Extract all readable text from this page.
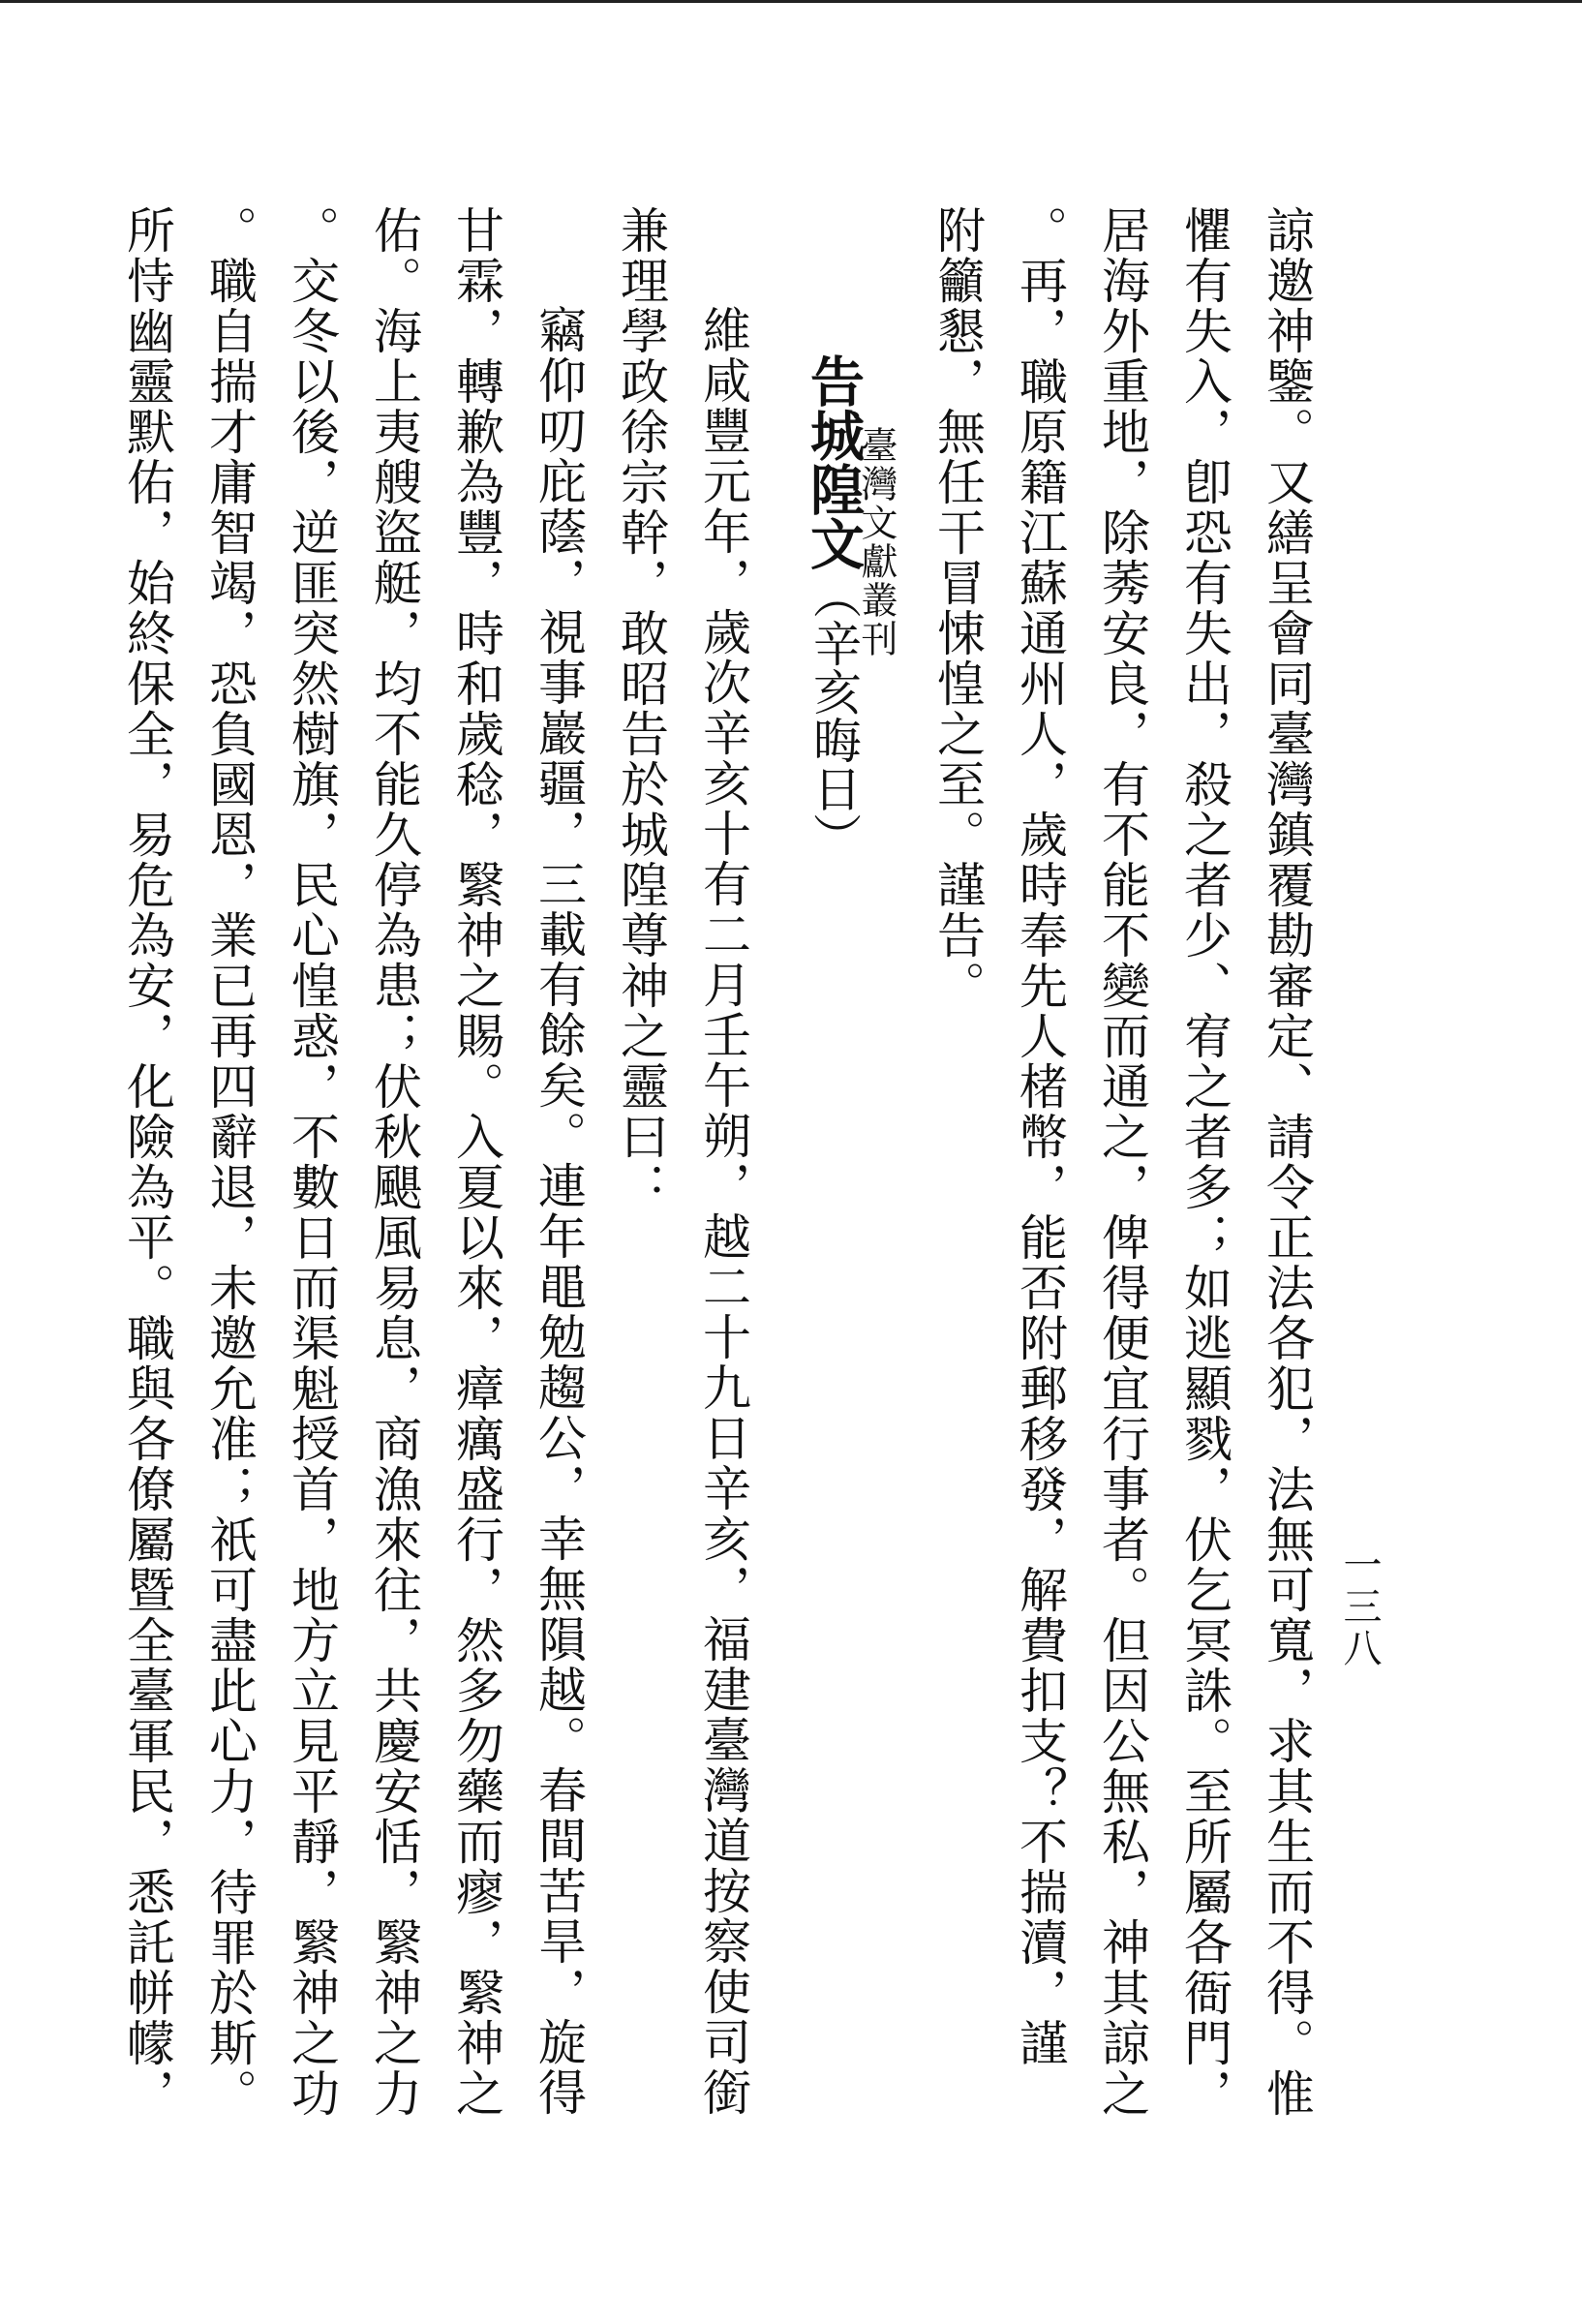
臺灣文獻叢刊
一三八
諒邀神鑒。又繕呈會同臺灣鎮覆勘審定、請令正法各犯，法無可寬，求其生而不得。惟
懼有失入，卽恐有失出，殺之者少、宥之者多；如逃顯戮，伏乞冥誅。至所屬各衙門，
居海外重地，除莠安良，有不能不變而通之，俾得便宜行事者。但因公無私，神其諒之
。再，職原籍江蘇通州人，歲時奉先人楮幣，能否附郵移發，解費扣支？不揣瀆，謹
附籲懇，無任干冒悚惶之至。謹告。
告城隍文（辛亥晦日）
維咸豐元年，歲次辛亥十有二月壬午朔，越二十九日辛亥，福建臺灣道按察使司銜
兼理學政徐宗幹，敢昭告於城隍尊神之靈曰：
竊仰叨庇蔭，視事巖疆，三載有餘矣。連年黽勉趨公，幸無隕越。春間苦旱，旋得
甘霖，轉歉為豐，時和歲稔，繄神之賜。入夏以來，瘴癘盛行，然多勿藥而瘳，繄神之
佑。海上夷艘盜艇，均不能久停為患；伏秋颶風易息，商漁來往，共慶安恬，繄神之力
。交冬以後，逆匪突然樹旗，民心惶惑，不數日而渠魁授首，地方立見平靜，繄神之功
。職自揣才庸智竭，恐負國恩，業已再四辭退，未邀允准；祇可盡此心力，待罪於斯。
所恃幽靈默佑，始終保全，易危為安，化險為平。職與各僚屬暨全臺軍民，悉託帡幪，
